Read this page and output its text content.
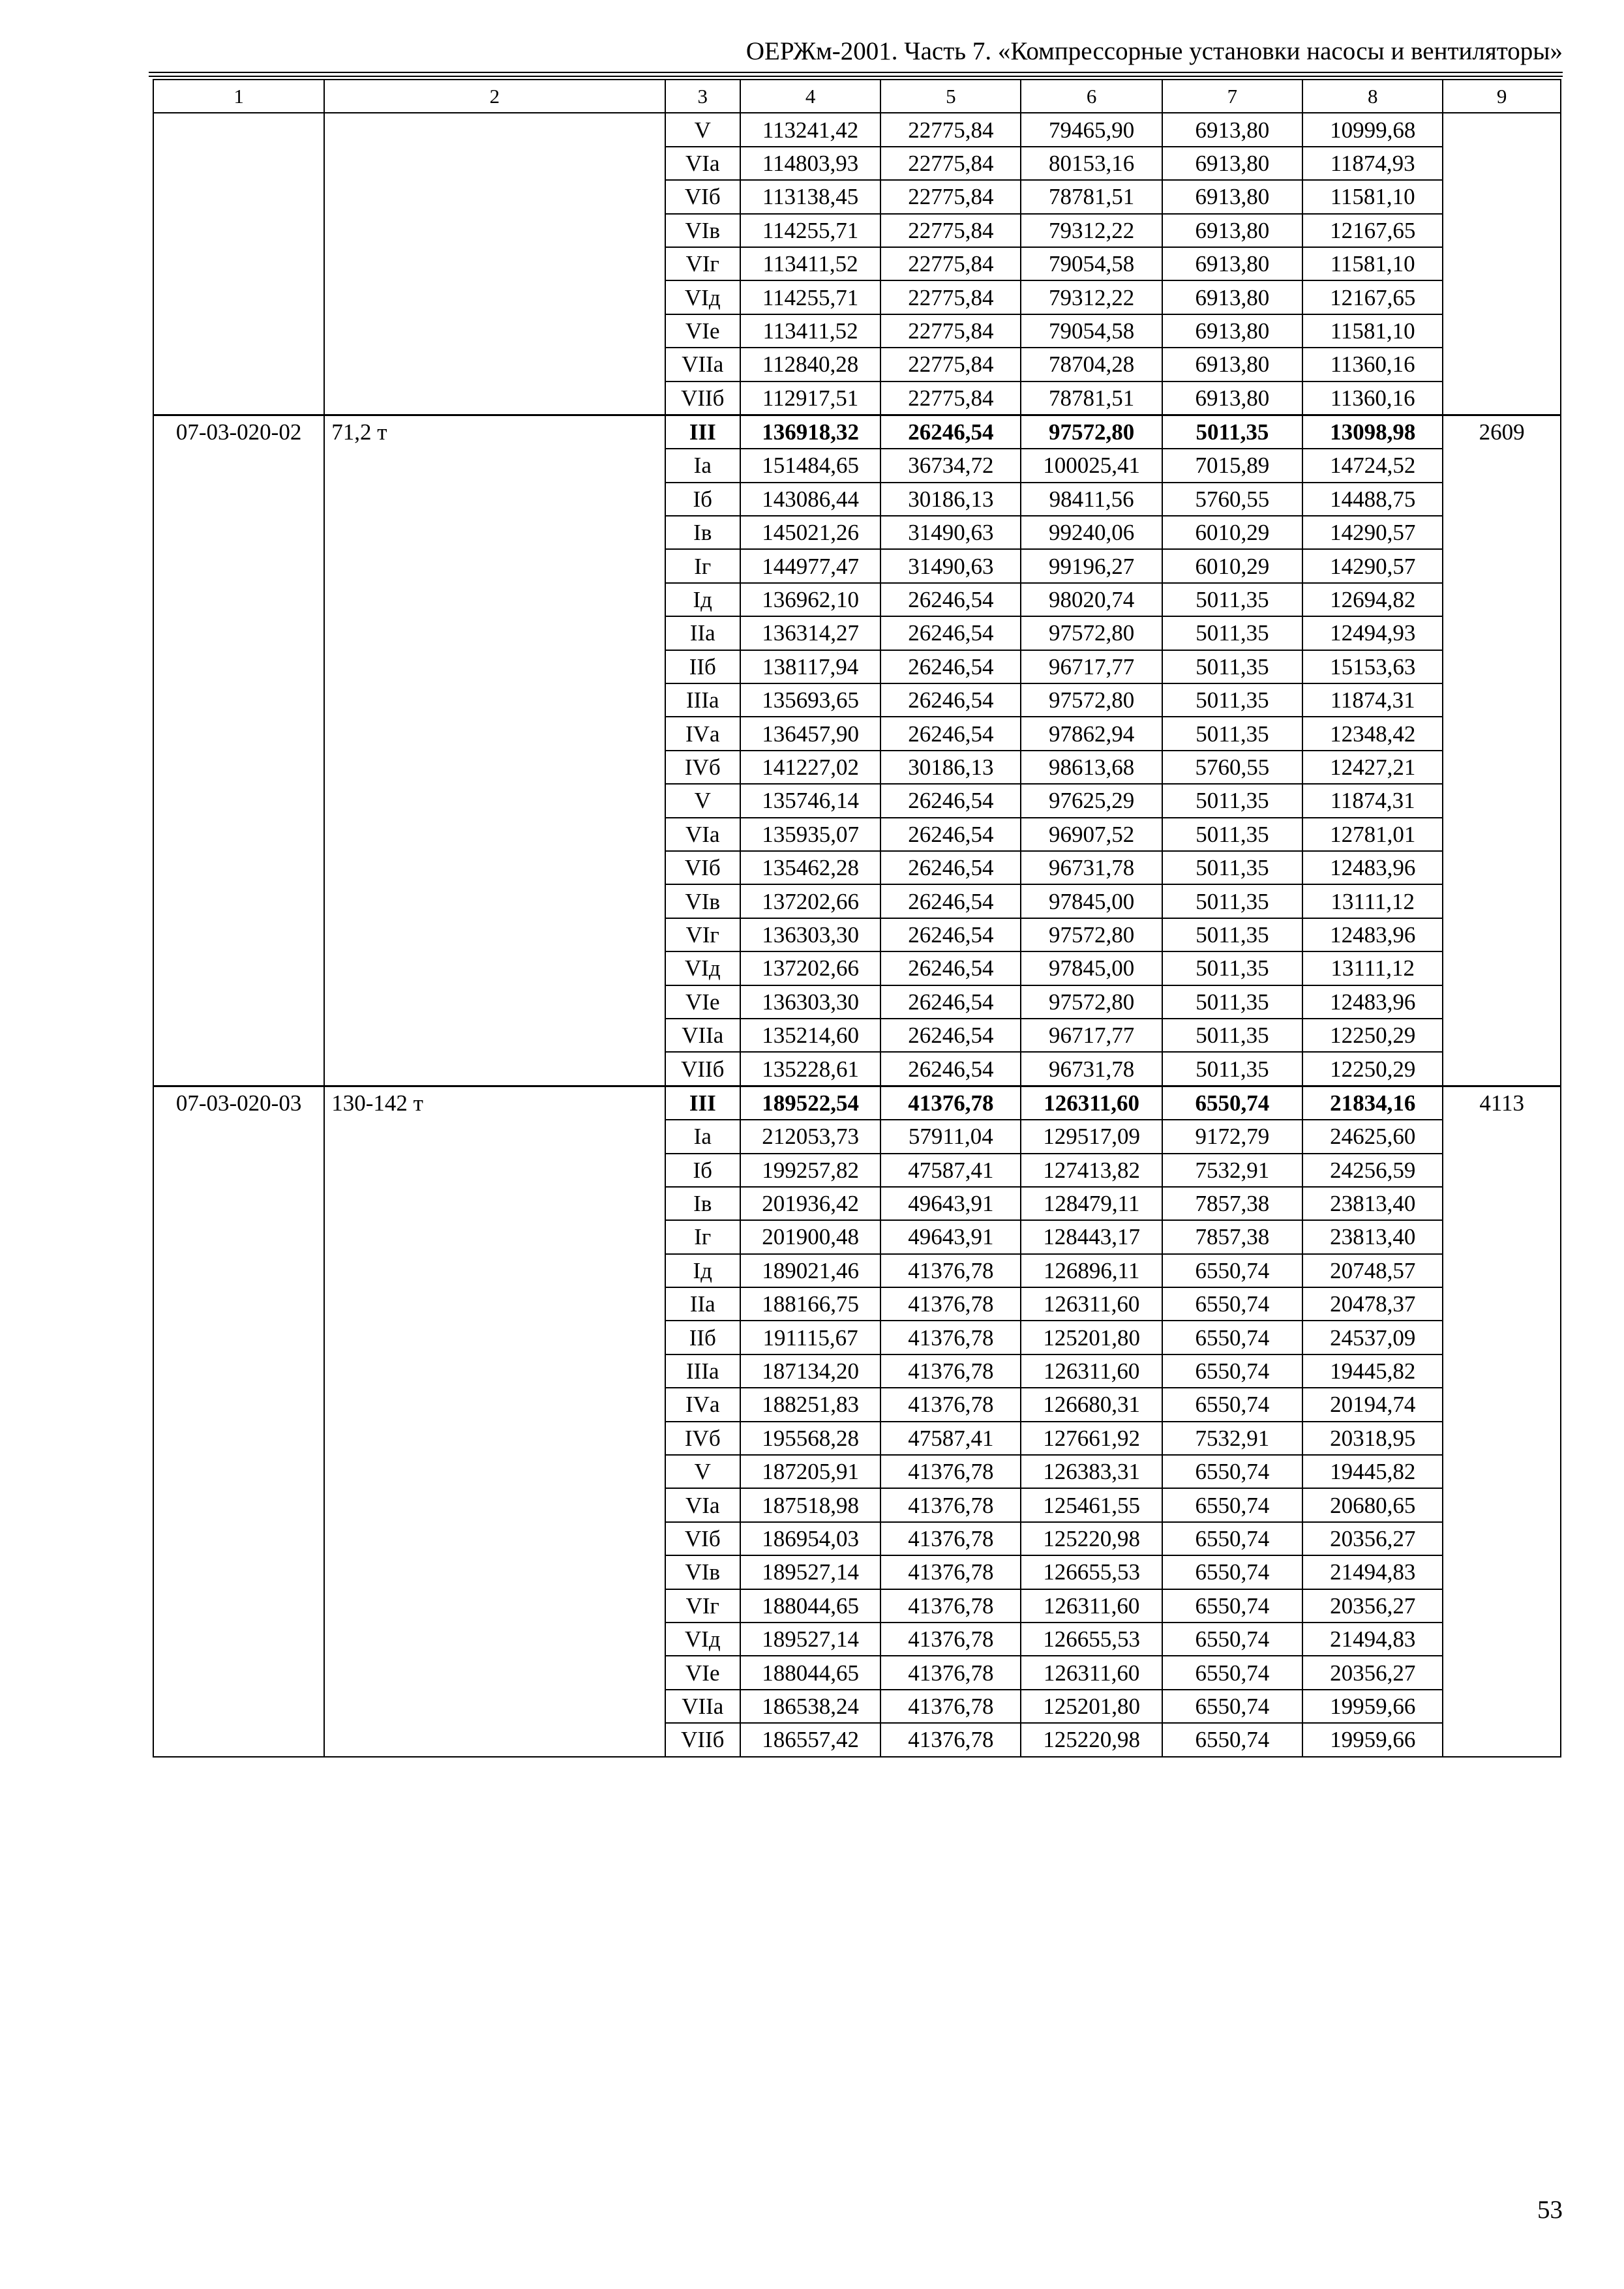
ОЕРЖм-2001. Часть 7. «Компрессорные установки насосы и вентиляторы»
1	2	3	4	5	6	7	8	9
		V	113241,42	22775,84	79465,90	6913,80	10999,68	
		VIа	114803,93	22775,84	80153,16	6913,80	11874,93	
		VIб	113138,45	22775,84	78781,51	6913,80	11581,10	
		VIв	114255,71	22775,84	79312,22	6913,80	12167,65	
		VIг	113411,52	22775,84	79054,58	6913,80	11581,10	
		VIд	114255,71	22775,84	79312,22	6913,80	12167,65	
		VIе	113411,52	22775,84	79054,58	6913,80	11581,10	
		VIIа	112840,28	22775,84	78704,28	6913,80	11360,16	
		VIIб	112917,51	22775,84	78781,51	6913,80	11360,16	
07-03-020-02	71,2 т	III	136918,32	26246,54	97572,80	5011,35	13098,98	2609
		Iа	151484,65	36734,72	100025,41	7015,89	14724,52	
		Iб	143086,44	30186,13	98411,56	5760,55	14488,75	
		Iв	145021,26	31490,63	99240,06	6010,29	14290,57	
		Iг	144977,47	31490,63	99196,27	6010,29	14290,57	
		Iд	136962,10	26246,54	98020,74	5011,35	12694,82	
		IIа	136314,27	26246,54	97572,80	5011,35	12494,93	
		IIб	138117,94	26246,54	96717,77	5011,35	15153,63	
		IIIа	135693,65	26246,54	97572,80	5011,35	11874,31	
		IVа	136457,90	26246,54	97862,94	5011,35	12348,42	
		IVб	141227,02	30186,13	98613,68	5760,55	12427,21	
		V	135746,14	26246,54	97625,29	5011,35	11874,31	
		VIа	135935,07	26246,54	96907,52	5011,35	12781,01	
		VIб	135462,28	26246,54	96731,78	5011,35	12483,96	
		VIв	137202,66	26246,54	97845,00	5011,35	13111,12	
		VIг	136303,30	26246,54	97572,80	5011,35	12483,96	
		VIд	137202,66	26246,54	97845,00	5011,35	13111,12	
		VIе	136303,30	26246,54	97572,80	5011,35	12483,96	
		VIIа	135214,60	26246,54	96717,77	5011,35	12250,29	
		VIIб	135228,61	26246,54	96731,78	5011,35	12250,29	
07-03-020-03	130-142 т	III	189522,54	41376,78	126311,60	6550,74	21834,16	4113
		Iа	212053,73	57911,04	129517,09	9172,79	24625,60	
		Iб	199257,82	47587,41	127413,82	7532,91	24256,59	
		Iв	201936,42	49643,91	128479,11	7857,38	23813,40	
		Iг	201900,48	49643,91	128443,17	7857,38	23813,40	
		Iд	189021,46	41376,78	126896,11	6550,74	20748,57	
		IIа	188166,75	41376,78	126311,60	6550,74	20478,37	
		IIб	191115,67	41376,78	125201,80	6550,74	24537,09	
		IIIа	187134,20	41376,78	126311,60	6550,74	19445,82	
		IVа	188251,83	41376,78	126680,31	6550,74	20194,74	
		IVб	195568,28	47587,41	127661,92	7532,91	20318,95	
		V	187205,91	41376,78	126383,31	6550,74	19445,82	
		VIа	187518,98	41376,78	125461,55	6550,74	20680,65	
		VIб	186954,03	41376,78	125220,98	6550,74	20356,27	
		VIв	189527,14	41376,78	126655,53	6550,74	21494,83	
		VIг	188044,65	41376,78	126311,60	6550,74	20356,27	
		VIд	189527,14	41376,78	126655,53	6550,74	21494,83	
		VIе	188044,65	41376,78	126311,60	6550,74	20356,27	
		VIIа	186538,24	41376,78	125201,80	6550,74	19959,66	
		VIIб	186557,42	41376,78	125220,98	6550,74	19959,66	
53
